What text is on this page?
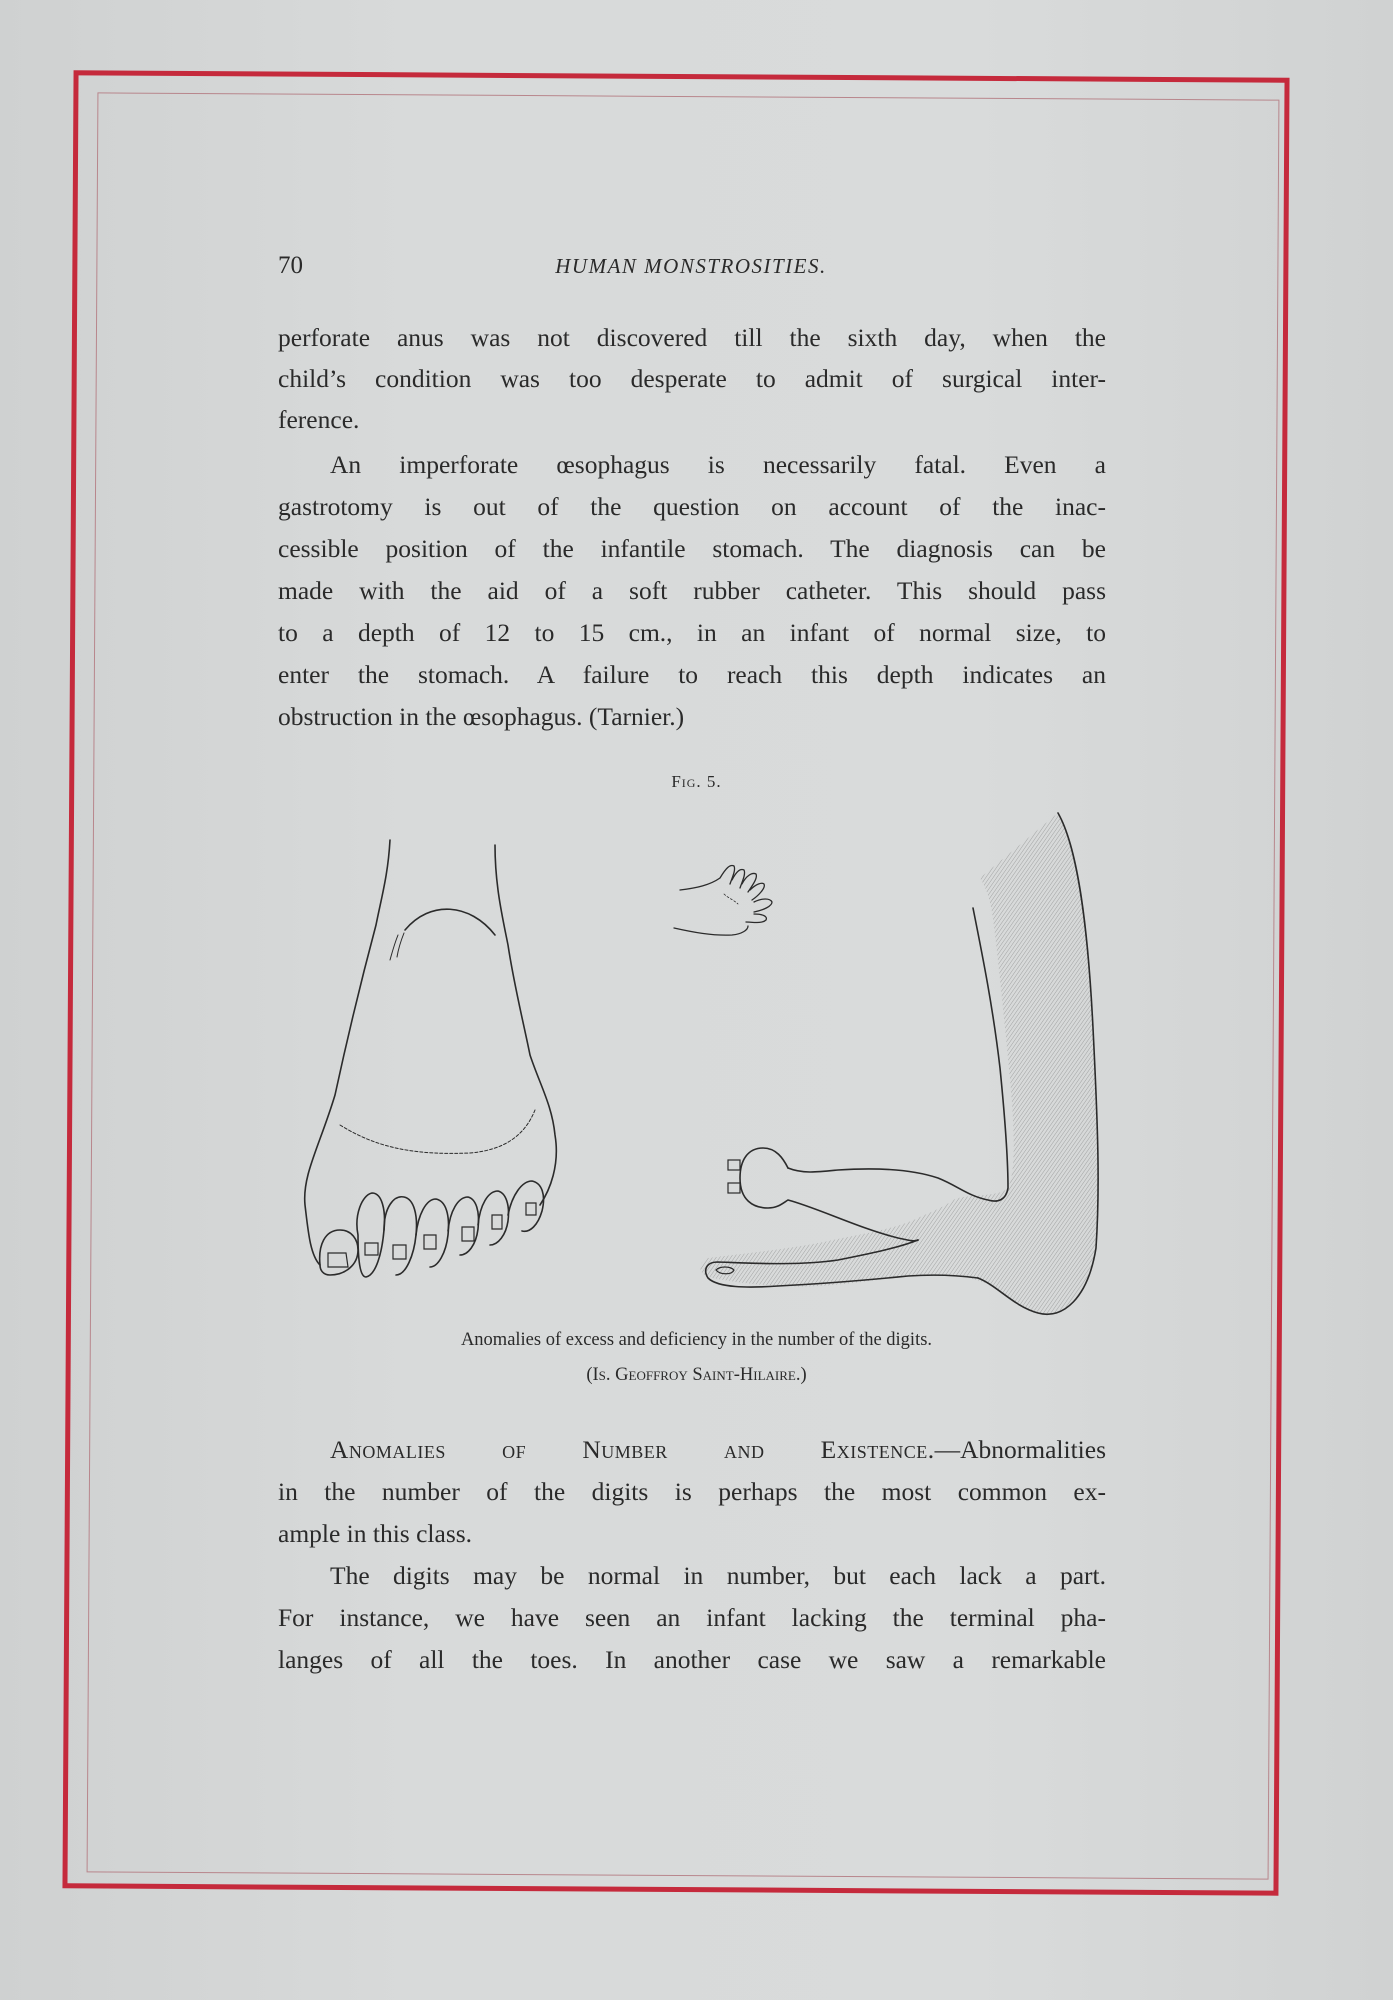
70	HUMAN MONSTROSITIES.
perforate anus was not discovered till the sixth day, when the
child’s condition was too desperate to admit of surgical inter-
ference.
An imperforate œsophagus is necessarily fatal. Even a
gastrotomy is out of the question on account of the inac-
cessible position of the infantile stomach. The diagnosis can be
made with the aid of a soft rubber catheter. This should pass
to a depth of 12 to 15 cm., in an infant of normal size, to
enter the stomach. A failure to reach this depth indicates an
obstruction in the œsophagus. (Tarnier.)
Fig. 5.
Anomalies of excess and deficiency in the number of the digits.
(Is. Geoffroy Saint-Hilaire.)
Anomalies of Number and Existence.—Abnormalities
in the number of the digits is perhaps the most common ex-
ample in this class.
The digits may be normal in number, but each lack a part.
For instance, we have seen an infant lacking the terminal pha-
langes of all the toes. In another case we saw a remarkable
